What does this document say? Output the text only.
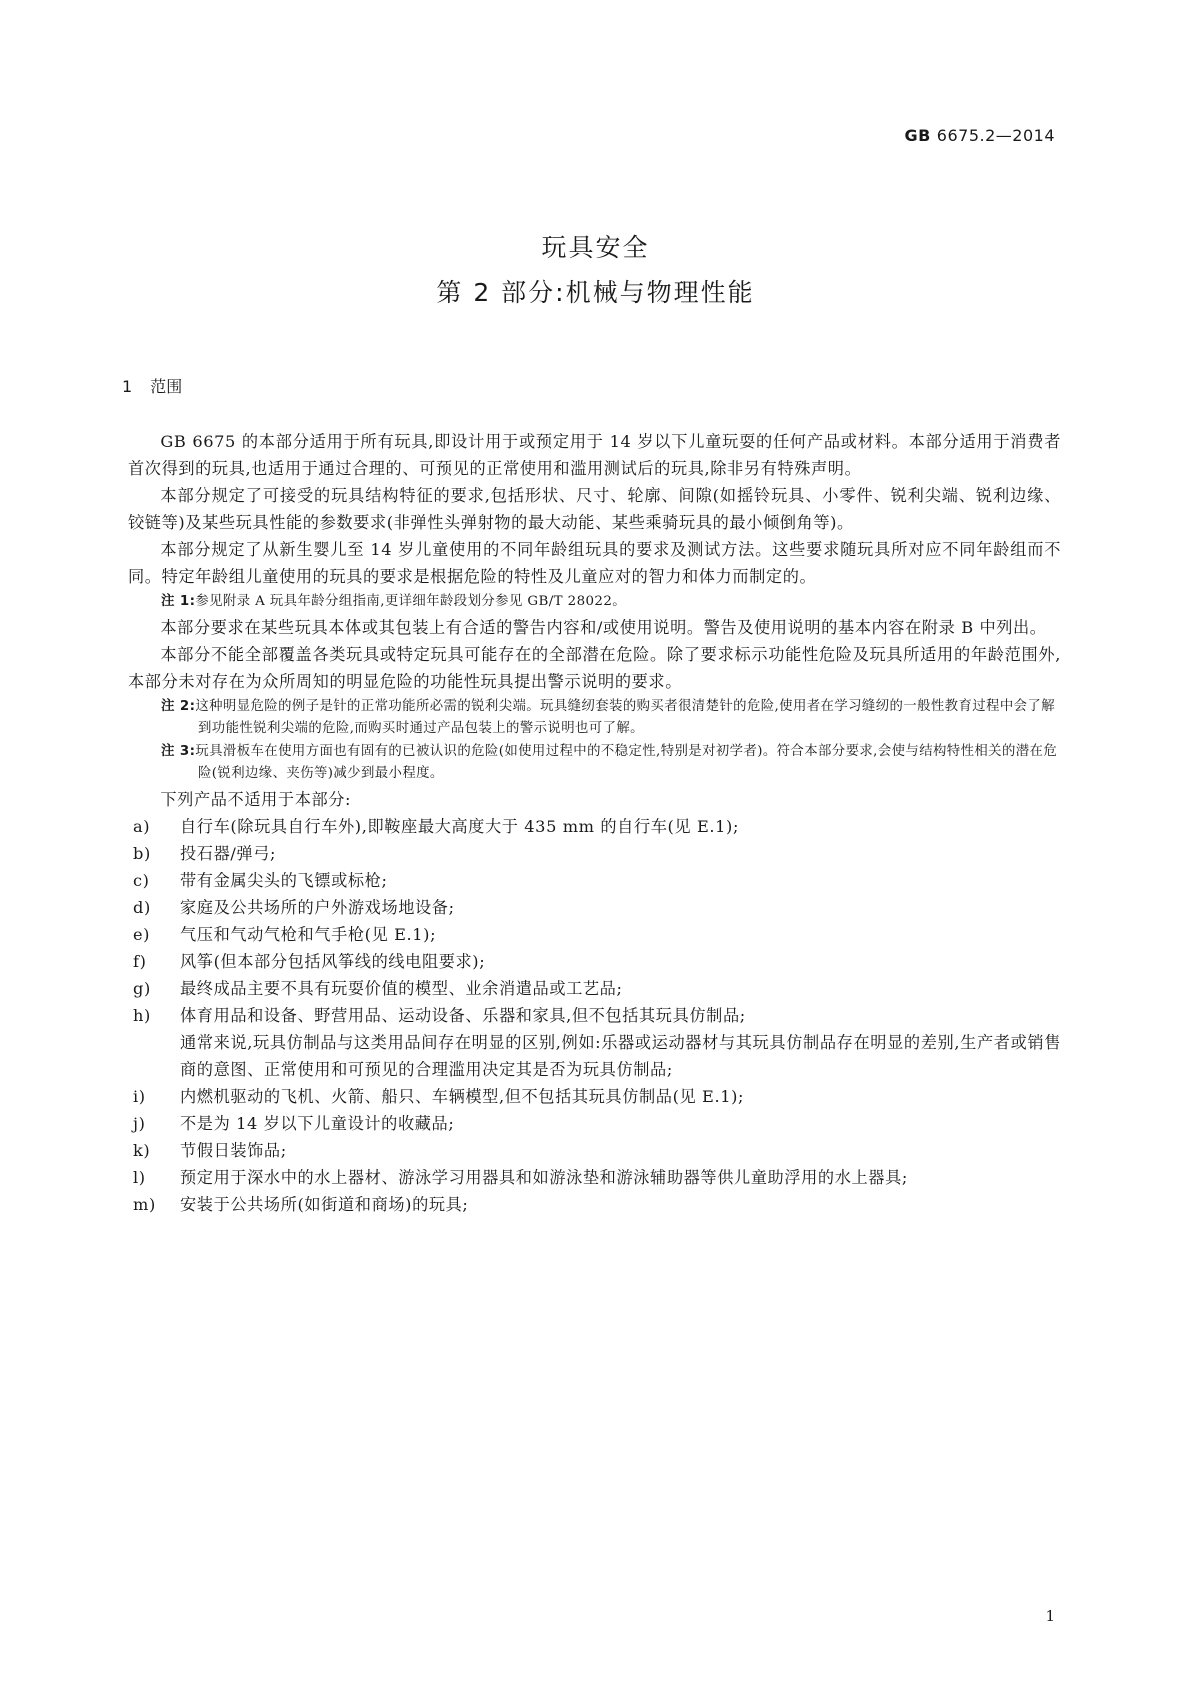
GB 6675.2—2014
玩具安全
第 2 部分:机械与物理性能
1 范围

GB 6675 的本部分适用于所有玩具,即设计用于或预定用于 14 岁以下儿童玩耍的任何产品或材料。本部分适用于消费者首次得到的玩具,也适用于通过合理的、可预见的正常使用和滥用测试后的玩具,除非另有特殊声明。

本部分规定了可接受的玩具结构特征的要求,包括形状、尺寸、轮廓、间隙(如摇铃玩具、小零件、锐利尖端、锐利边缘、铰链等)及某些玩具性能的参数要求(非弹性头弹射物的最大动能、某些乘骑玩具的最小倾倒角等)。

本部分规定了从新生婴儿至 14 岁儿童使用的不同年龄组玩具的要求及测试方法。这些要求随玩具所对应不同年龄组而不同。特定年龄组儿童使用的玩具的要求是根据危险的特性及儿童应对的智力和体力而制定的。

注 1:参见附录 A 玩具年龄分组指南,更详细年龄段划分参见 GB/T 28022。

本部分要求在某些玩具本体或其包装上有合适的警告内容和/或使用说明。警告及使用说明的基本内容在附录 B 中列出。

本部分不能全部覆盖各类玩具或特定玩具可能存在的全部潜在危险。除了要求标示功能性危险及玩具所适用的年龄范围外,本部分未对存在为众所周知的明显危险的功能性玩具提出警示说明的要求。

注 2:这种明显危险的例子是针的正常功能所必需的锐利尖端。玩具缝纫套装的购买者很清楚针的危险,使用者在学习缝纫的一般性教育过程中会了解到功能性锐利尖端的危险,而购买时通过产品包装上的警示说明也可了解。
注 3:玩具滑板车在使用方面也有固有的已被认识的危险(如使用过程中的不稳定性,特别是对初学者)。符合本部分要求,会使与结构特性相关的潜在危险(锐利边缘、夹伤等)减少到最小程度。

下列产品不适用于本部分:

a)	自行车(除玩具自行车外),即鞍座最大高度大于 435 mm 的自行车(见 E.1);
b)	投石器/弹弓;
c)	带有金属尖头的飞镖或标枪;
d)	家庭及公共场所的户外游戏场地设备;
e)	气压和气动气枪和气手枪(见 E.1);
f)	风筝(但本部分包括风筝线的线电阻要求);
g)	最终成品主要不具有玩耍价值的模型、业余消遣品或工艺品;
h)	体育用品和设备、野营用品、运动设备、乐器和家具,但不包括其玩具仿制品;
通常来说,玩具仿制品与这类用品间存在明显的区别,例如:乐器或运动器材与其玩具仿制品存在明显的差别,生产者或销售商的意图、正常使用和可预见的合理滥用决定其是否为玩具仿制品;
i)	内燃机驱动的飞机、火箭、船只、车辆模型,但不包括其玩具仿制品(见 E.1);
j)	不是为 14 岁以下儿童设计的收藏品;
k)	节假日装饰品;
l)	预定用于深水中的水上器材、游泳学习用器具和如游泳垫和游泳辅助器等供儿童助浮用的水上器具;
m)	安装于公共场所(如街道和商场)的玩具;
1
